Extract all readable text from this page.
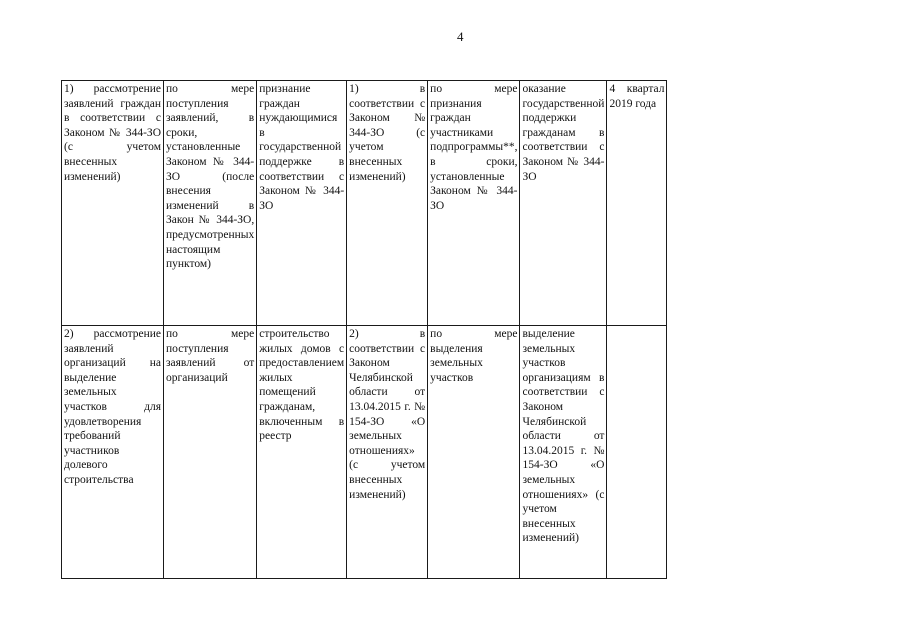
4
1) рассмотрение заявлений граждан в соответствии с Законом № 344-ЗО (с учетом внесенных изменений)	по мере поступления заявлений, в сроки, установленные Законом № 344-ЗО (после внесения изменений в Закон № 344-ЗО, предусмотренных настоящим пунктом)	признание граждан нуждающимися в государственной поддержке в соответствии с Законом № 344-ЗО	1) в соответствии с Законом № 344-ЗО (с учетом внесенных изменений)	по мере признания граждан участниками подпрограммы**, в сроки, установленные Законом № 344-ЗО	оказание государственной поддержки гражданам в соответствии с Законом № 344-ЗО	4 квартал 2019 года
2) рассмотрение заявлений организаций на выделение земельных участков для удовлетворения требований участников долевого строительства	по мере поступления заявлений от организаций	строительство жилых домов с предоставлением жилых помещений гражданам, включенным в реестр	2) в соответствии с Законом Челябинской области от 13.04.2015 г. № 154-ЗО «О земельных отношениях» (с учетом внесенных изменений)	по мере выделения земельных участков	выделение земельных участков организациям в соответствии с Законом Челябинской области от 13.04.2015 г. № 154-ЗО «О земельных отношениях» (с учетом внесенных изменений)	
